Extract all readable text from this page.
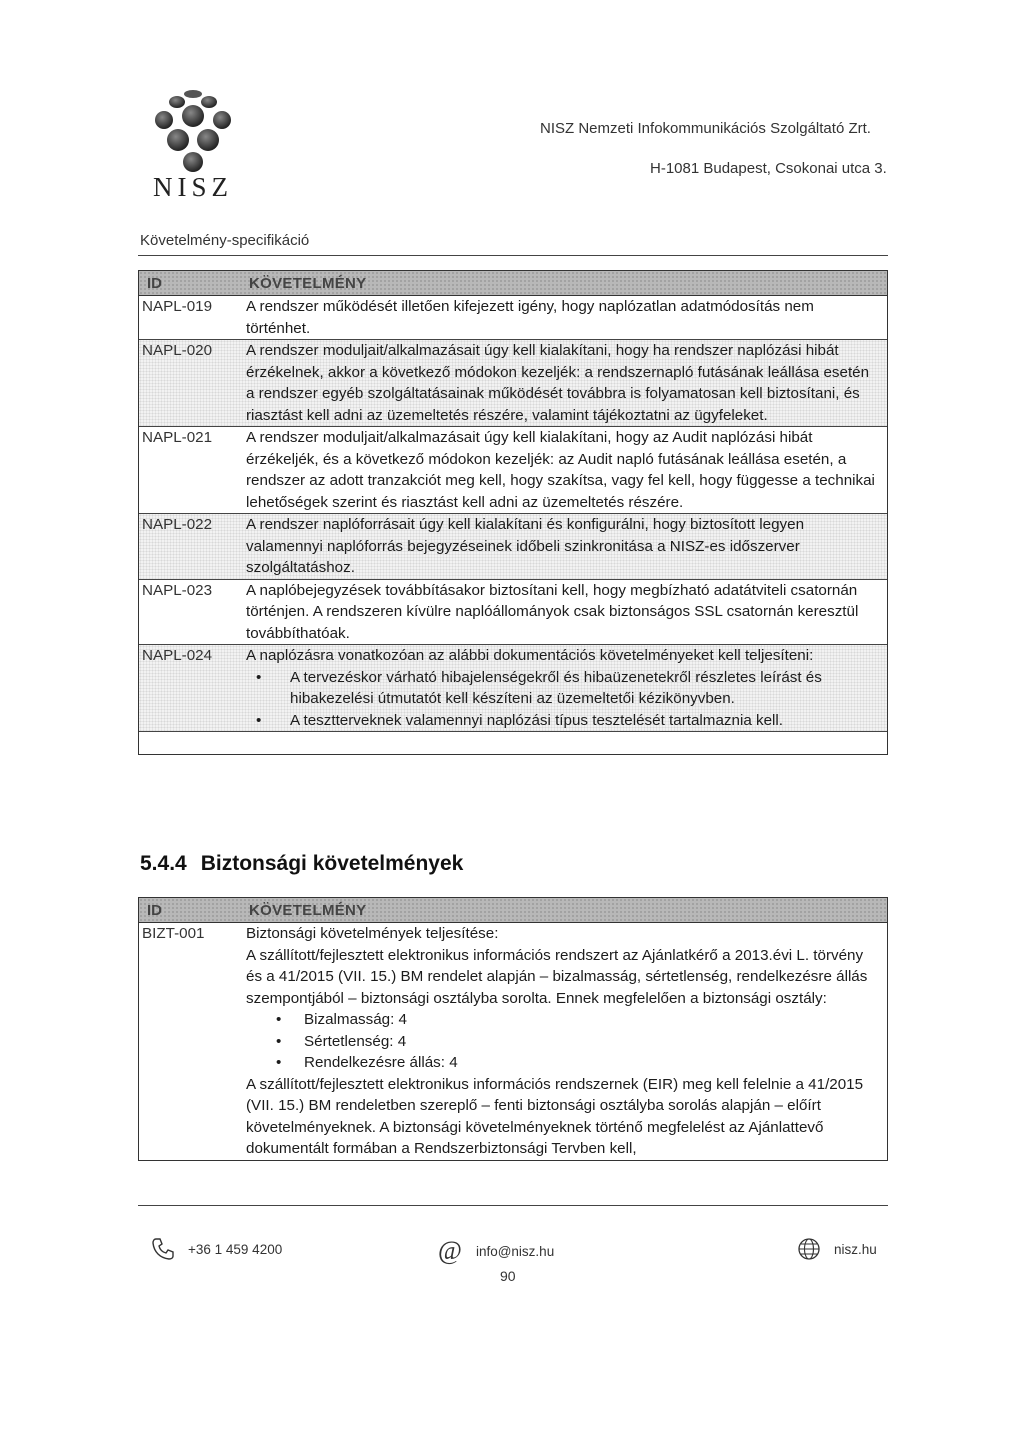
NISZ
NISZ Nemzeti Infokommunikációs Szolgáltató Zrt.
H-1081 Budapest, Csokonai utca 3.
Követelmény-specifikáció
ID	KÖVETELMÉNY
NAPL-019	A rendszer működését illetően kifejezett igény, hogy naplózatlan adatmódosítás nem történhet.
NAPL-020	A rendszer moduljait/alkalmazásait úgy kell kialakítani, hogy ha rendszer naplózási hibát érzékelnek, akkor a következő módokon kezeljék: a rendszernapló futásának leállása esetén a rendszer egyéb szolgáltatásainak működését továbbra is folyamatosan kell biztosítani, és riasztást kell adni az üzemeltetés részére, valamint tájékoztatni az ügyfeleket.
NAPL-021	A rendszer moduljait/alkalmazásait úgy kell kialakítani, hogy az Audit naplózási hibát érzékeljék, és a következő módokon kezeljék: az Audit napló futásának leállása esetén, a rendszer az adott tranzakciót meg kell, hogy szakítsa, vagy fel kell, hogy függesse a technikai lehetőségek szerint és riasztást kell adni az üzemeltetés részére.
NAPL-022	A rendszer naplóforrásait úgy kell kialakítani és konfigurálni, hogy biztosított legyen valamennyi naplóforrás bejegyzéseinek időbeli szinkronitása a NISZ-es időszerver szolgáltatáshoz.
NAPL-023	A naplóbejegyzések továbbításakor biztosítani kell, hogy megbízható adatátviteli csatornán történjen. A rendszeren kívülre naplóállományok csak biztonságos SSL csatornán keresztül továbbíthatóak.
NAPL-024	A naplózásra vonatkozóan az alábbi dokumentációs követelményeket kell teljesíteni:
• A tervezéskor várható hibajelenségekről és hibaüzenetekről részletes leírást és hibakezelési útmutatót kell készíteni az üzemeltetői kézikönyvben.
• A tesztterveknek valamennyi naplózási típus tesztelését tartalmaznia kell.
5.4.4 Biztonsági követelmények
ID	KÖVETELMÉNY
BIZT-001	Biztonsági követelmények teljesítése:

A szállított/fejlesztett elektronikus információs rendszert az Ajánlatkérő a 2013.évi L. törvény és a 41/2015 (VII. 15.) BM rendelet alapján – bizalmasság, sértetlenség, rendelkezésre állás szempontjából – biztonsági osztályba sorolta. Ennek megfelelően a biztonsági osztály:

• Bizalmasság: 4
• Sértetlenség: 4
• Rendelkezésre állás: 4

A szállított/fejlesztett elektronikus információs rendszernek (EIR) meg kell felelnie a 41/2015 (VII. 15.) BM rendeletben szereplő – fenti biztonsági osztályba sorolás alapján – előírt követelményeknek. A biztonsági követelményeknek történő megfelelést az Ajánlattevő dokumentált formában a Rendszerbiztonsági Tervben kell,

+36 1 459 4200	@ info@nisz.hu	nisz.hu
90
